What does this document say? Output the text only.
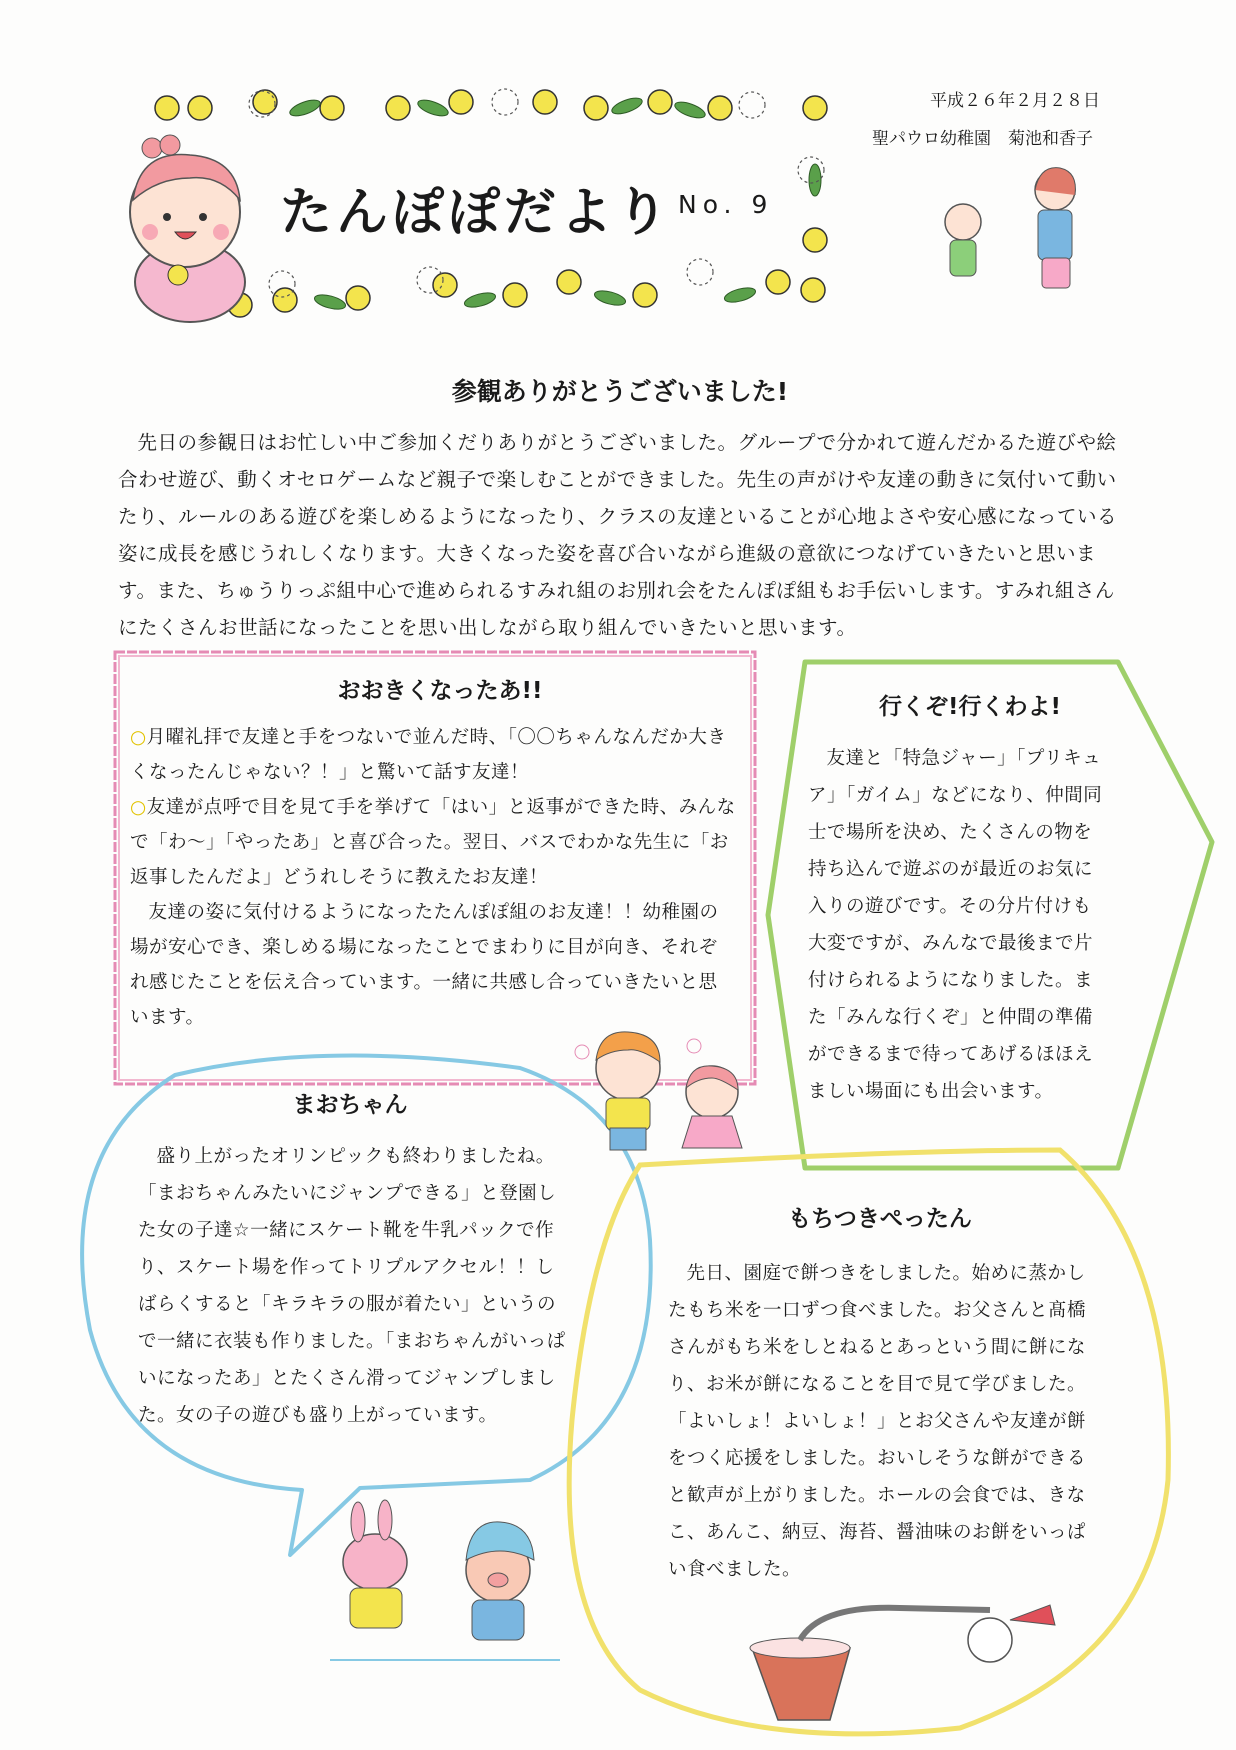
たんぽぽだより No. 9
平成２６年２月２８日
聖パウロ幼稚園　菊池和香子
参観ありがとうございました!

先日の参観日はお忙しい中ご参加くだりありがとうございました。グループで分かれて遊んだかるた遊びや絵合わせ遊び、動くオセロゲームなど親子で楽しむことができました。先生の声がけや友達の動きに気付いて動いたり、ルールのある遊びを楽しめるようになったり、クラスの友達といることが心地よさや安心感になっている姿に成長を感じうれしくなります。大きくなった姿を喜び合いながら進級の意欲につなげていきたいと思います。また、ちゅうりっぷ組中心で進められるすみれ組のお別れ会をたんぽぽ組もお手伝いします。すみれ組さんにたくさんお世話になったことを思い出しながら取り組んでいきたいと思います。

おおきくなったあ!!

○月曜礼拝で友達と手をつないで並んだ時、「〇〇ちゃんなんだか大きくなったんじゃない？！」と驚いて話す友達！

○友達が点呼で目を見て手を挙げて「はい」と返事ができた時、みんなで「わ～」「やったあ」と喜び合った。翌日、バスでわかな先生に「お返事したんだよ」どうれしそうに教えたお友達！

友達の姿に気付けるようになったたんぽぽ組のお友達！！幼稚園の場が安心でき、楽しめる場になったことでまわりに目が向き、それぞれ感じたことを伝え合っています。一緒に共感し合っていきたいと思います。

行くぞ!行くわよ!

友達と「特急ジャー」「プリキュア」「ガイム」などになり、仲間同士で場所を決め、たくさんの物を持ち込んで遊ぶのが最近のお気に入りの遊びです。その分片付けも大変ですが、みんなで最後まで片付けられるようになりました。また「みんな行くぞ」と仲間の準備ができるまで待ってあげるほほえましい場面にも出会います。

まおちゃん

盛り上がったオリンピックも終わりましたね。「まおちゃんみたいにジャンプできる」と登園した女の子達☆一緒にスケート靴を牛乳パックで作り、スケート場を作ってトリプルアクセル！！しばらくすると「キラキラの服が着たい」というので一緒に衣装も作りました。「まおちゃんがいっぱいになったあ」とたくさん滑ってジャンプしました。女の子の遊びも盛り上がっています。

もちつきぺったん

先日、園庭で餅つきをしました。始めに蒸かしたもち米を一口ずつ食べました。お父さんと髙橋さんがもち米をしとねるとあっという間に餅になり、お米が餅になることを目で見て学びました。「よいしょ！よいしょ！」とお父さんや友達が餅をつく応援をしました。おいしそうな餅ができると歓声が上がりました。ホールの会食では、きなこ、あんこ、納豆、海苔、醤油味のお餅をいっぱい食べました。
